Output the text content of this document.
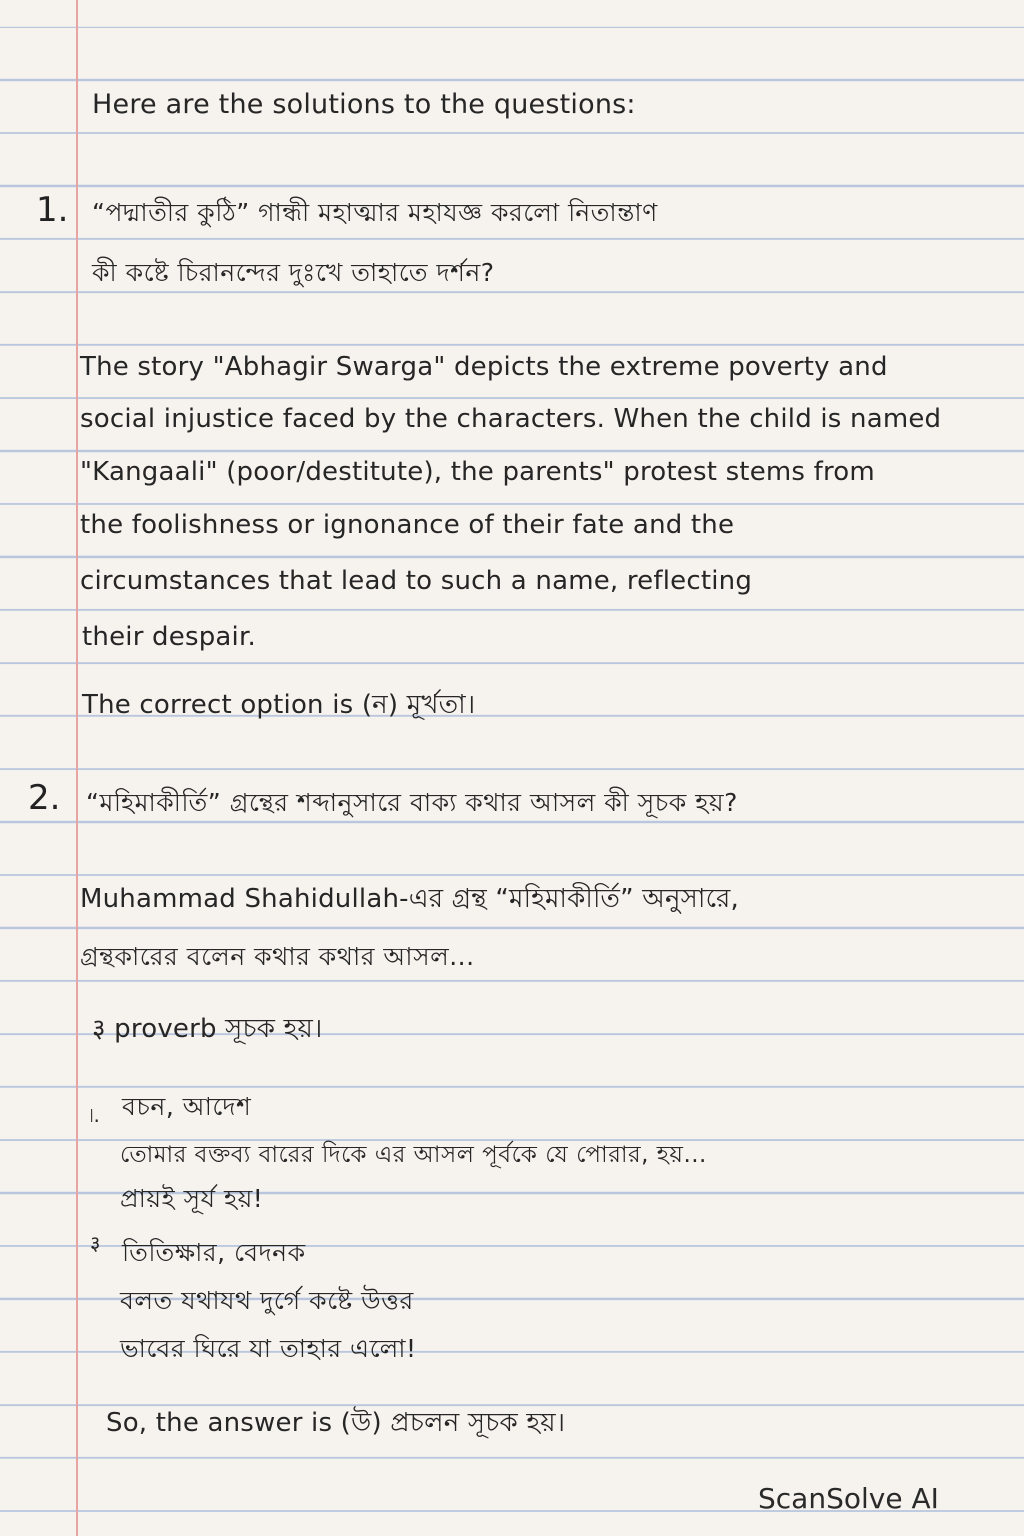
Here are the solutions to the questions:
1. “পদ্মাতীর কুঠি” গান্ধী মহাত্মার মহাযজ্ঞ করলো নিতান্তাণ
কী কষ্টে চিরানন্দের দুঃখে তাহাতে দর্শন?
The story "Abhagir Swarga" depicts the extreme poverty and
social injustice faced by the characters. When the child is named
"Kangaali" (poor/destitute), the parents" protest stems from
the foolishness or ignonance of their fate and the
circumstances that lead to such a name, reflecting
their despair.
The correct option is (ন) মূর্খতা।
2. “মহিমাকীর্তি” গ্রন্থের শব্দানুসারে বাক্য কথার আসল কী সূচক হয়?
Muhammad Shahidullah-এর গ্রন্থ “মহিমাকীর্তি” অনুসারে,
গ্রন্থকারের বলেন কথার কথার আসল...
३ proverb সূচক হয়।
৷. বচন, আদেশ
তোমার বক্তব্য বারের দিকে এর আসল পূর্বকে যে পোরার, হয়...
প্রায়ই সূর্য হয়!
३ তিতিক্ষার, বেদনক
বলত যথাযথ দুর্গে কষ্টে উত্তর
ভাবের ঘিরে যা তাহার এলো!
So, the answer is (উ) প্রচলন সূচক হয়।
ScanSolve AI
